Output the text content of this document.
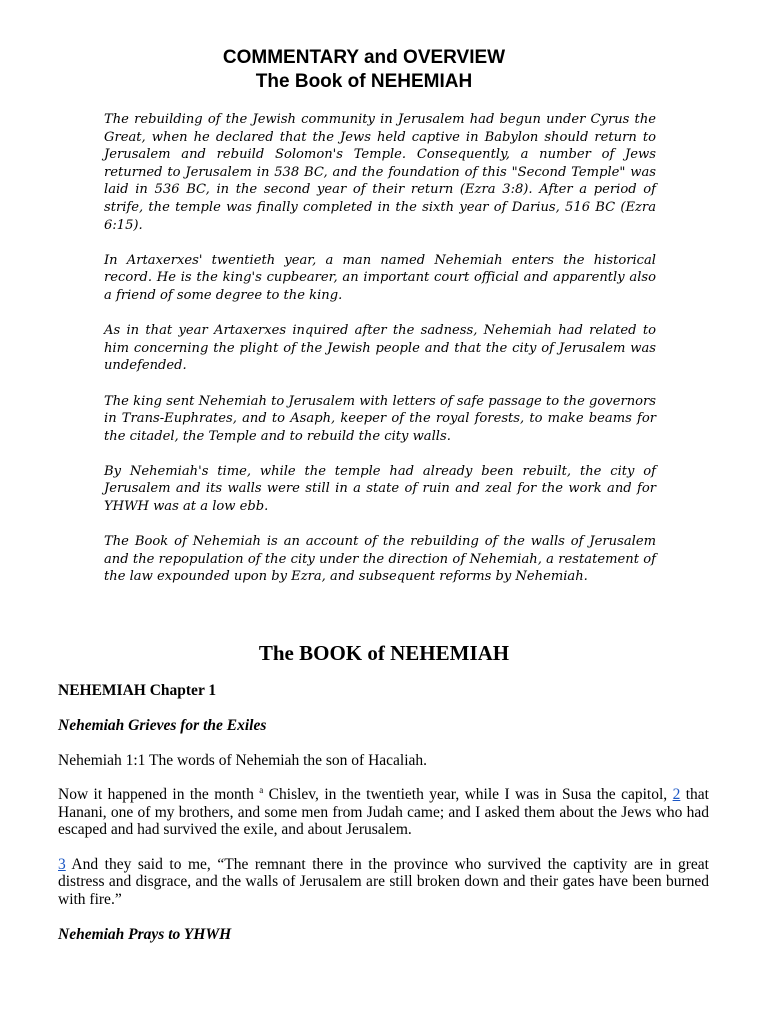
COMMENTARY and OVERVIEW
The Book of NEHEMIAH

The rebuilding of the Jewish community in Jerusalem had begun under Cyrus the Great, when he declared that the Jews held captive in Babylon should return to Jerusalem and rebuild Solomon's Temple. Consequently, a number of Jews returned to Jerusalem in 538 BC, and the foundation of this "Second Temple" was laid in 536 BC, in the second year of their return (Ezra 3:8). After a period of strife, the temple was finally completed in the sixth year of Darius, 516 BC (Ezra 6:15).

In Artaxerxes' twentieth year, a man named Nehemiah enters the historical record. He is the king's cupbearer, an important court official and apparently also a friend of some degree to the king.

As in that year Artaxerxes inquired after the sadness, Nehemiah had related to him concerning the plight of the Jewish people and that the city of Jerusalem was undefended.

The king sent Nehemiah to Jerusalem with letters of safe passage to the governors in Trans-Euphrates, and to Asaph, keeper of the royal forests, to make beams for the citadel, the Temple and to rebuild the city walls.

By Nehemiah's time, while the temple had already been rebuilt, the city of Jerusalem and its walls were still in a state of ruin and zeal for the work and for YHWH was at a low ebb.

The Book of Nehemiah is an account of the rebuilding of the walls of Jerusalem and the repopulation of the city under the direction of Nehemiah, a restatement of the law expounded upon by Ezra, and subsequent reforms by Nehemiah.

The BOOK of NEHEMIAH

NEHEMIAH Chapter 1

Nehemiah Grieves for the Exiles

Nehemiah 1:1 The words of Nehemiah the son of Hacaliah.

Now it happened in the month $^a$ Chislev, in the twentieth year, while I was in Susa the capitol, 2 that Hanani, one of my brothers, and some men from Judah came; and I asked them about the Jews who had escaped and had survived the exile, and about Jerusalem.

3 And they said to me, “The remnant there in the province who survived the captivity are in great distress and disgrace, and the walls of Jerusalem are still broken down and their gates have been burned with fire.”

Nehemiah Prays to YHWH
